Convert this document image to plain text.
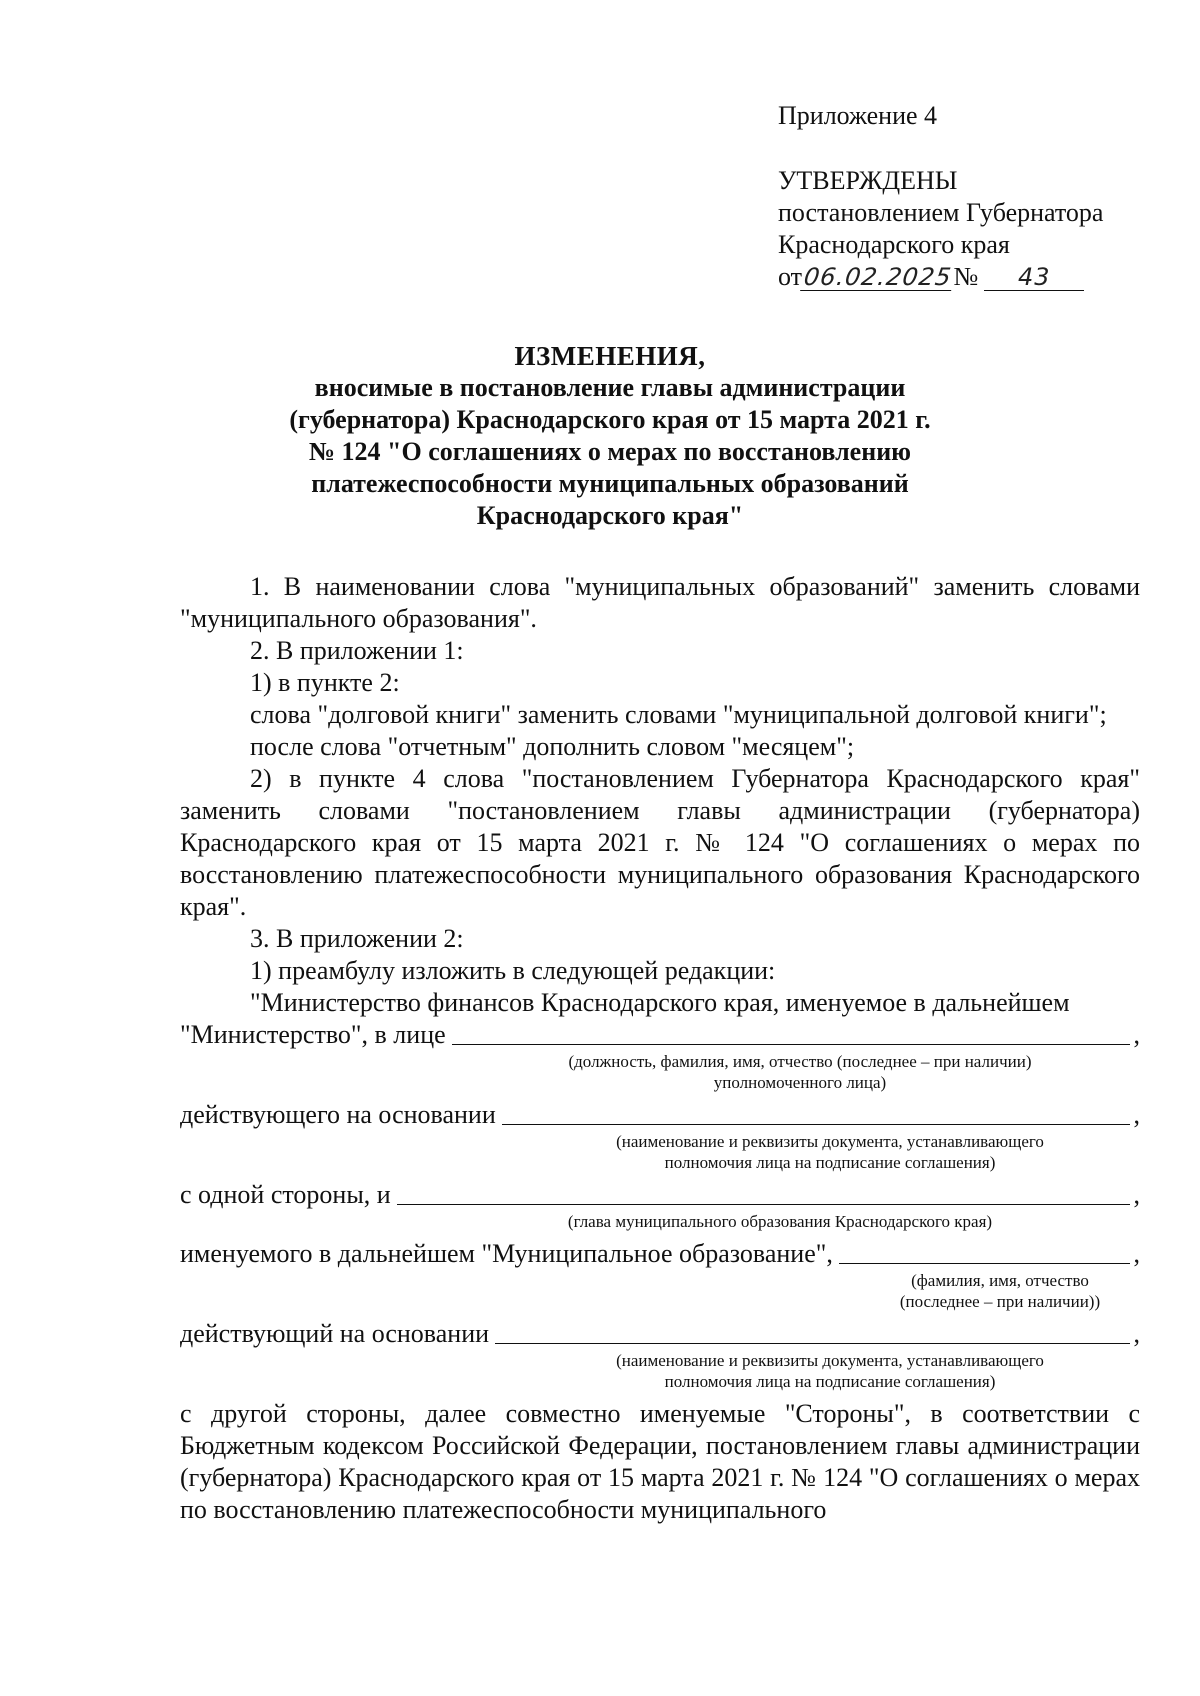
Приложение 4

УТВЕРЖДЕНЫ

постановлением Губернатора

Краснодарского края

от06.02.2025№ 43

ИЗМЕНЕНИЯ,
вносимые в постановление главы администрации
(губернатора) Краснодарского края от 15 марта 2021 г.
№ 124 "О соглашениях о мерах по восстановлению
платежеспособности муниципальных образований
Краснодарского края"

1. В наименовании слова "муниципальных образований" заменить словами "муниципального образования".

2. В приложении 1:

1) в пункте 2:

слова "долговой книги" заменить словами "муниципальной долговой книги";

после слова "отчетным" дополнить словом "месяцем";

2) в пункте 4 слова "постановлением Губернатора Краснодарского края" заменить словами "постановлением главы администрации (губернатора) Краснодарского края от 15 марта 2021 г. № 124 "О соглашениях о мерах по восстановлению платежеспособности муниципального образования Краснодарского края".

3. В приложении 2:

1) преамбулу изложить в следующей редакции:

"Министерство финансов Краснодарского края, именуемое в дальнейшем

"Министерство", в лице	,
(должность, фамилия, имя, отчество (последнее – при наличии)
уполномоченного лица)
действующего на основании	,
(наименование и реквизиты документа, устанавливающего
полномочия лица на подписание соглашения)
с одной стороны, и	,
(глава муниципального образования Краснодарского края)
именуемого в дальнейшем "Муниципальное образование",	,
(фамилия, имя, отчество
(последнее – при наличии))
действующий на основании	,
(наименование и реквизиты документа, устанавливающего
полномочия лица на подписание соглашения)

с другой стороны, далее совместно именуемые "Стороны", в соответствии с Бюджетным кодексом Российской Федерации, постановлением главы администрации (губернатора) Краснодарского края от 15 марта 2021 г. № 124 "О соглашениях о мерах по восстановлению платежеспособности муниципального
